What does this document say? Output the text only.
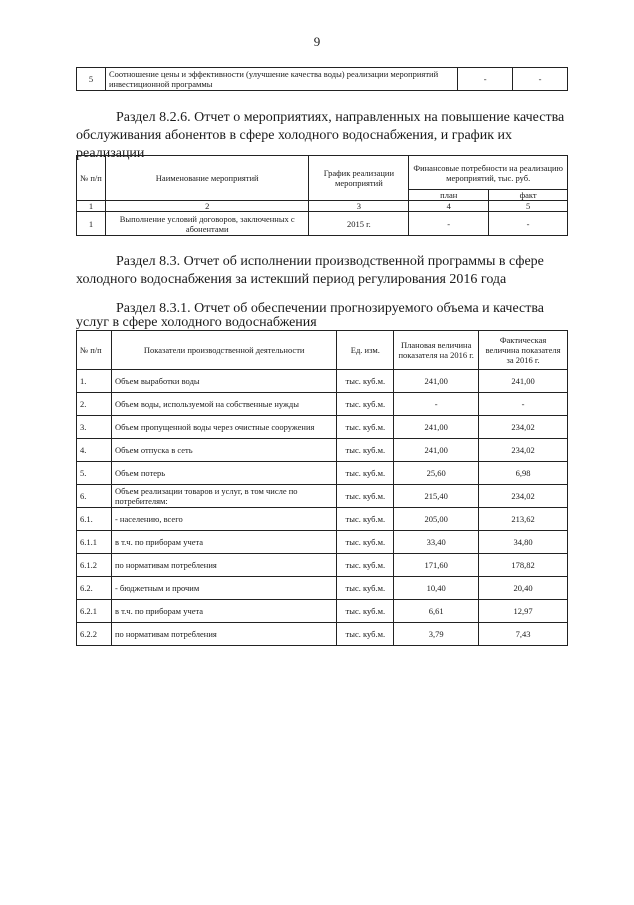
9
5	Соотношение цены и эффективности (улучшение качества воды) реализации мероприятий инвестиционной программы	-	-
Раздел 8.2.6. Отчет о мероприятиях, направленных на повышение качества
обслуживания абонентов в сфере холодного водоснабжения, и график их
реализации
№ п/п	Наименование мероприятий	График реализации мероприятий	Финансовые потребности на реализацию мероприятий, тыс. руб.	
			план	факт
1	2	3	4	5
1	Выполнение условий договоров, заключенных с абонентами	2015 г.	-	-
Раздел 8.3. Отчет об исполнении производственной программы в сфере
холодного водоснабжения за истекший период регулирования 2016 года
Раздел 8.3.1. Отчет об обеспечении прогнозируемого объема и качества
услуг в сфере холодного водоснабжения
№ п/п	Показатели производственной деятельности	Ед. изм.	Плановая величина показателя на 2016 г.	Фактическая величина показателя за 2016 г.
1.	Объем выработки воды	тыс. куб.м.	241,00	241,00
2.	Объем воды, используемой на собственные нужды	тыс. куб.м.	-	-
3.	Объем пропущенной воды через очистные сооружения	тыс. куб.м.	241,00	234,02
4.	Объем отпуска в сеть	тыс. куб.м.	241,00	234,02
5.	Объем потерь	тыс. куб.м.	25,60	6,98
6.	Объем реализации товаров и услуг, в том числе по потребителям:	тыс. куб.м.	215,40	234,02
6.1.	- населению, всего	тыс. куб.м.	205,00	213,62
6.1.1	в т.ч. по приборам учета	тыс. куб.м.	33,40	34,80
6.1.2	по нормативам потребления	тыс. куб.м.	171,60	178,82
6.2.	- бюджетным и прочим	тыс. куб.м.	10,40	20,40
6.2.1	в т.ч. по приборам учета	тыс. куб.м.	6,61	12,97
6.2.2	по нормативам потребления	тыс. куб.м.	3,79	7,43
